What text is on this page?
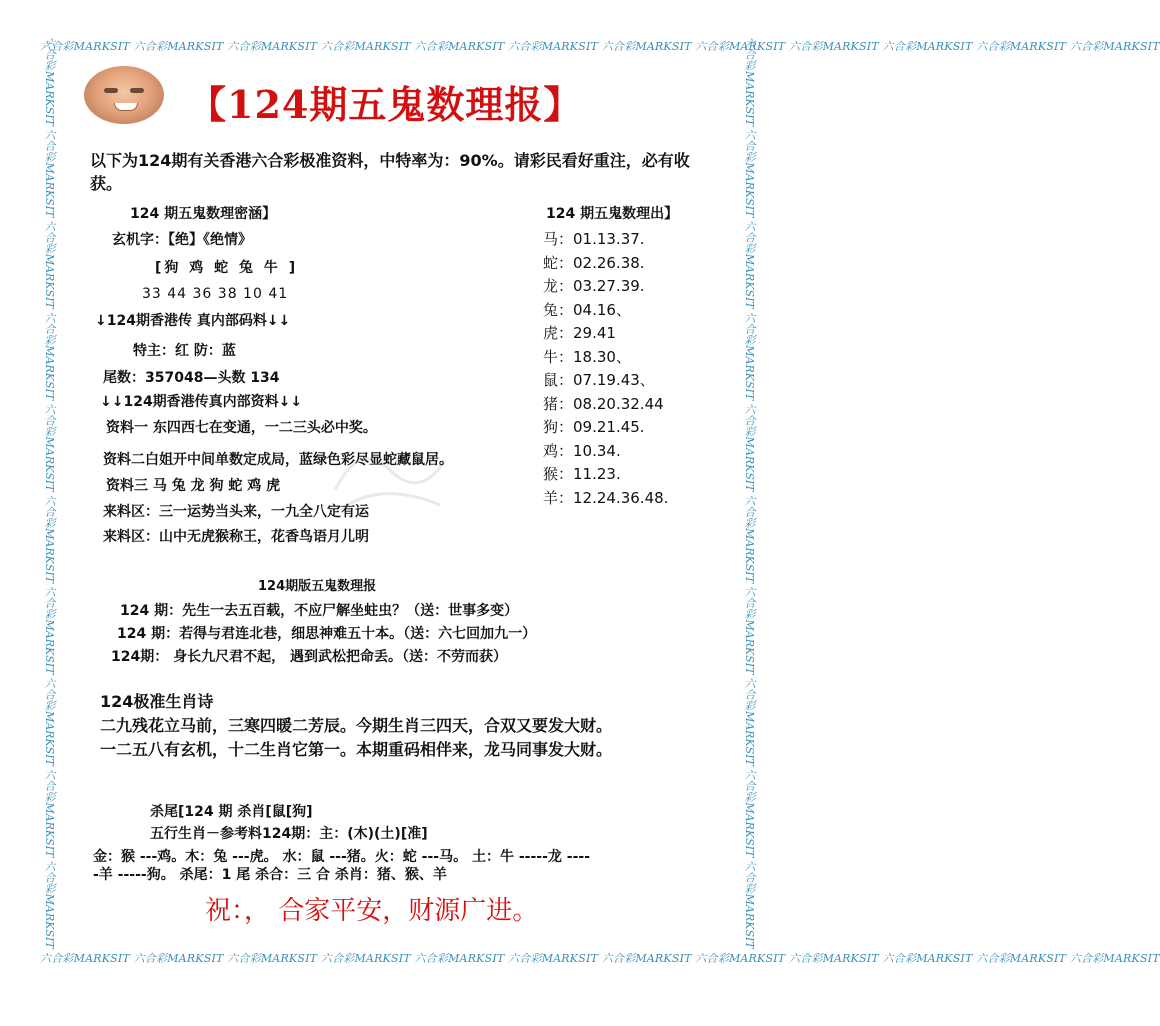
六合彩MARKSIT 六合彩MARKSIT 六合彩MARKSIT 六合彩MARKSIT 六合彩MARKSIT 六合彩MARKSIT 六合彩MARKSIT 六合彩MARKSIT 六合彩MARKSIT 六合彩MARKSIT 六合彩MARKSIT 六合彩MARKSIT
六合彩MARKSIT 六合彩MARKSIT 六合彩MARKSIT 六合彩MARKSIT 六合彩MARKSIT 六合彩MARKSIT 六合彩MARKSIT 六合彩MARKSIT 六合彩MARKSIT 六合彩MARKSIT 六合彩MARKSIT 六合彩MARKSIT
六合彩MARKSIT 六合彩MARKSIT 六合彩MARKSIT 六合彩MARKSIT 六合彩MARKSIT 六合彩MARKSIT 六合彩MARKSIT 六合彩MARKSIT 六合彩MARKSIT 六合彩MARKSIT	六合彩MARKSIT 六合彩MARKSIT 六合彩MARKSIT 六合彩MARKSIT 六合彩MARKSIT 六合彩MARKSIT 六合彩MARKSIT 六合彩MARKSIT 六合彩MARKSIT 六合彩MARKSIT
【124期五鬼数理报】
以下为124期有关香港六合彩极准资料，中特率为：90%。请彩民看好重注，必有收
获。
124 期五鬼数理密涵】
玄机字：【绝】《绝情》
[狗 鸡 蛇 兔 牛 ]
33 44 36 38 10 41
↓124期香港传 真内部码料↓↓
特主：红 防：蓝
尾数：357048—头数 134
↓↓124期香港传真内部资料↓↓
资料一 东四西七在变通，一二三头必中奖。
资料二白姐开中间单数定成局，蓝绿色彩尽显蛇藏鼠居。
资料三 马 兔 龙 狗 蛇 鸡 虎
来料区：三一运势当头来，一九全八定有运
来料区：山中无虎猴称王，花香鸟语月儿明
124 期五鬼数理出】
马：01.13.37.
蛇：02.26.38.
龙：03.27.39.
兔：04.16、
虎：29.41
牛：18.30、
鼠：07.19.43、
猪：08.20.32.44
狗：09.21.45.
鸡：10.34.
猴：11.23.
羊：12.24.36.48.
124期版五鬼数理报
124 期：先生一去五百载，不应尸解坐蛀虫？（送：世事多变）
124 期：若得与君连北巷，细思神难五十本。（送：六七回加九一）
124期： 身长九尺君不起， 遇到武松把命丢。（送：不劳而获）
124极准生肖诗
二九残花立马前，三寒四暖二芳辰。今期生肖三四天，合双又要发大财。
一二五八有玄机，十二生肖它第一。本期重码相伴来，龙马同事发大财。
杀尾[124 期 杀肖[鼠[狗]
五行生肖－参考料124期：主：(木)(土)[准]
金：猴 ---鸡。木：兔 ---虎。 水：鼠 ---猪。火：蛇 ---马。 土：牛 -----龙 ----
-羊 -----狗。 杀尾：1 尾 杀合：三 合 杀肖：猪、猴、羊
祝：， 合家平安，财源广进。
